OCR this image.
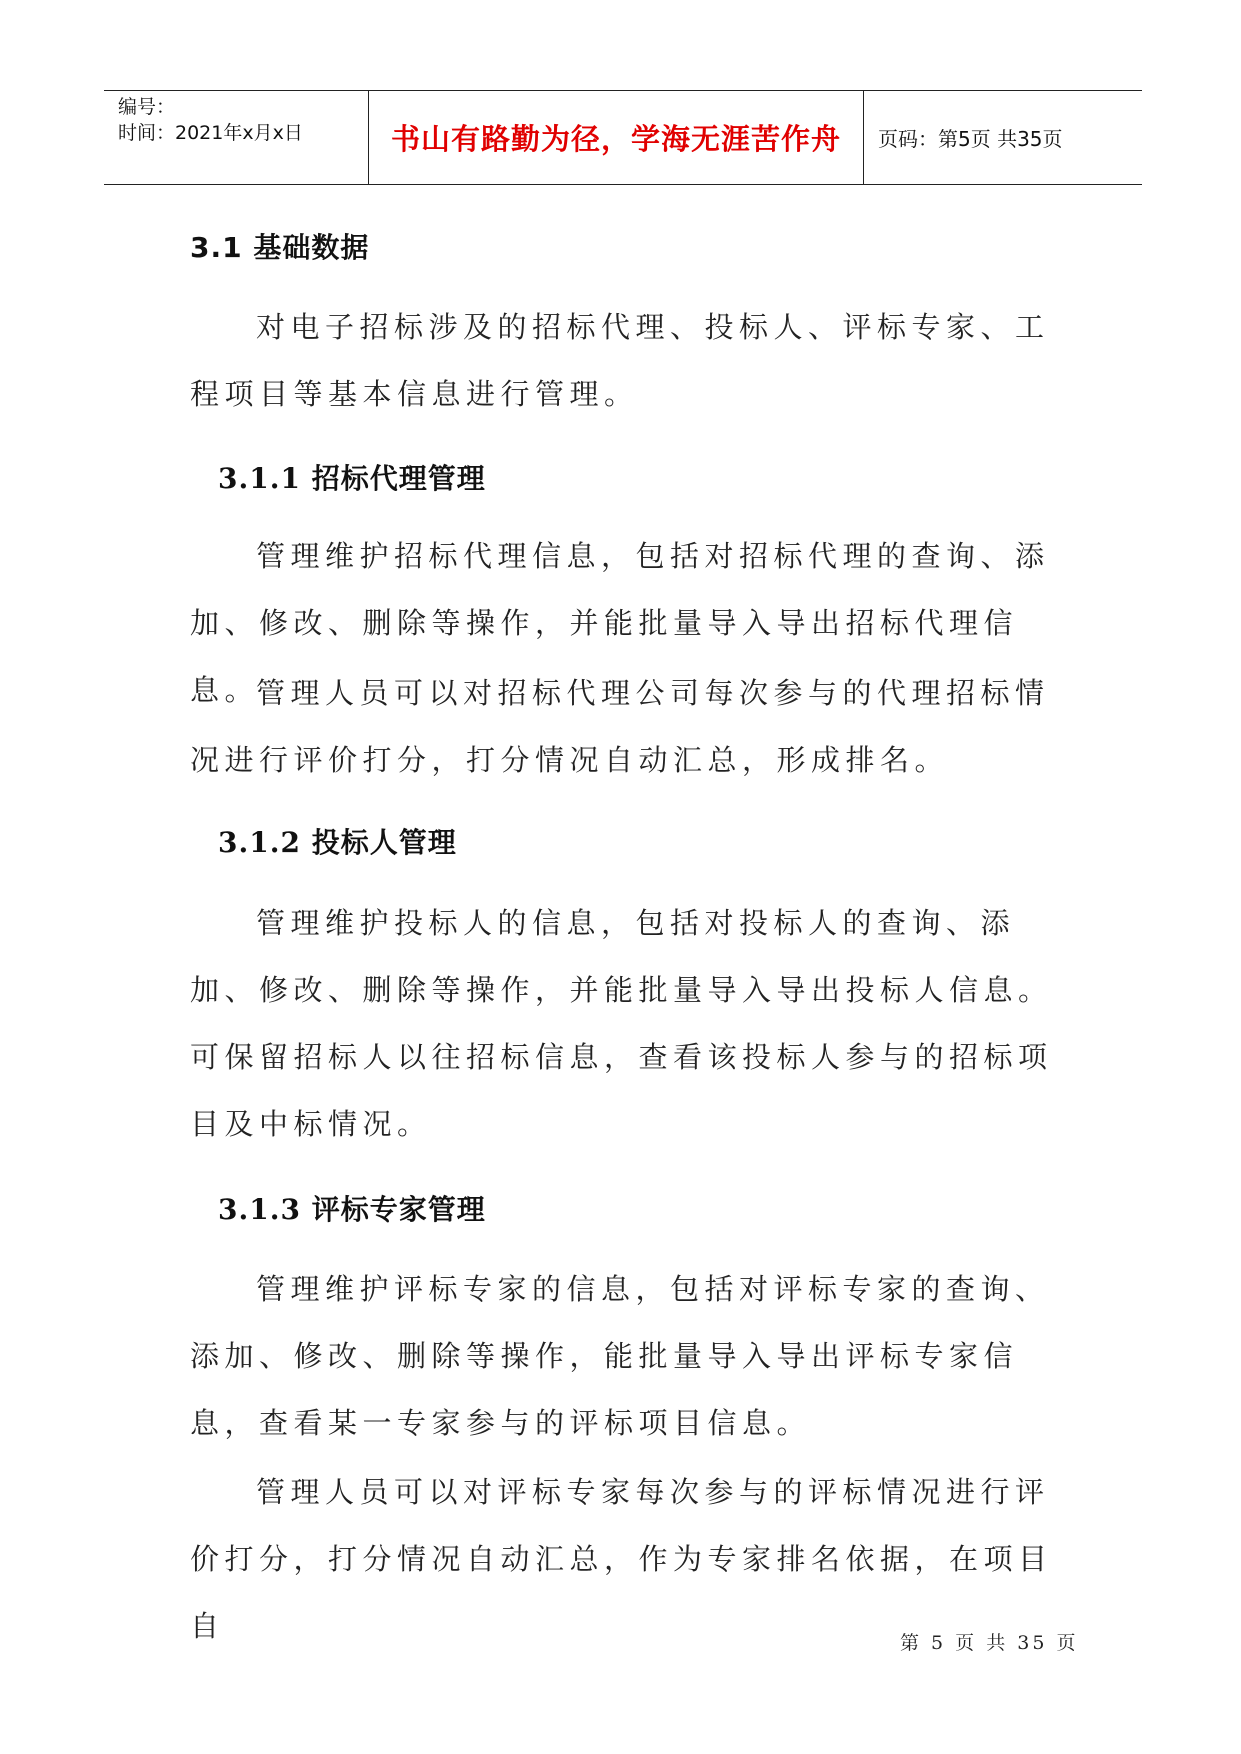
编号：
时间：2021年x月x日	书山有路勤为径，学海无涯苦作舟	页码：第5页 共35页
3.1 基础数据
对电子招标涉及的招标代理、投标人、评标专家、工程项目等基本信息进行管理。
3.1.1 招标代理管理
管理维护招标代理信息，包括对招标代理的查询、添加、修改、删除等操作，并能批量导入导出招标代理信息。
管理人员可以对招标代理公司每次参与的代理招标情况进行评价打分，打分情况自动汇总，形成排名。
3.1.2 投标人管理
管理维护投标人的信息，包括对投标人的查询、添加、修改、删除等操作，并能批量导入导出投标人信息。可保留招标人以往招标信息，查看该投标人参与的招标项目及中标情况。
3.1.3 评标专家管理
管理维护评标专家的信息，包括对评标专家的查询、添加、修改、删除等操作，能批量导入导出评标专家信息，查看某一专家参与的评标项目信息。
管理人员可以对评标专家每次参与的评标情况进行评价打分，打分情况自动汇总，作为专家排名依据，在项目自	第 5 页 共 35 页
